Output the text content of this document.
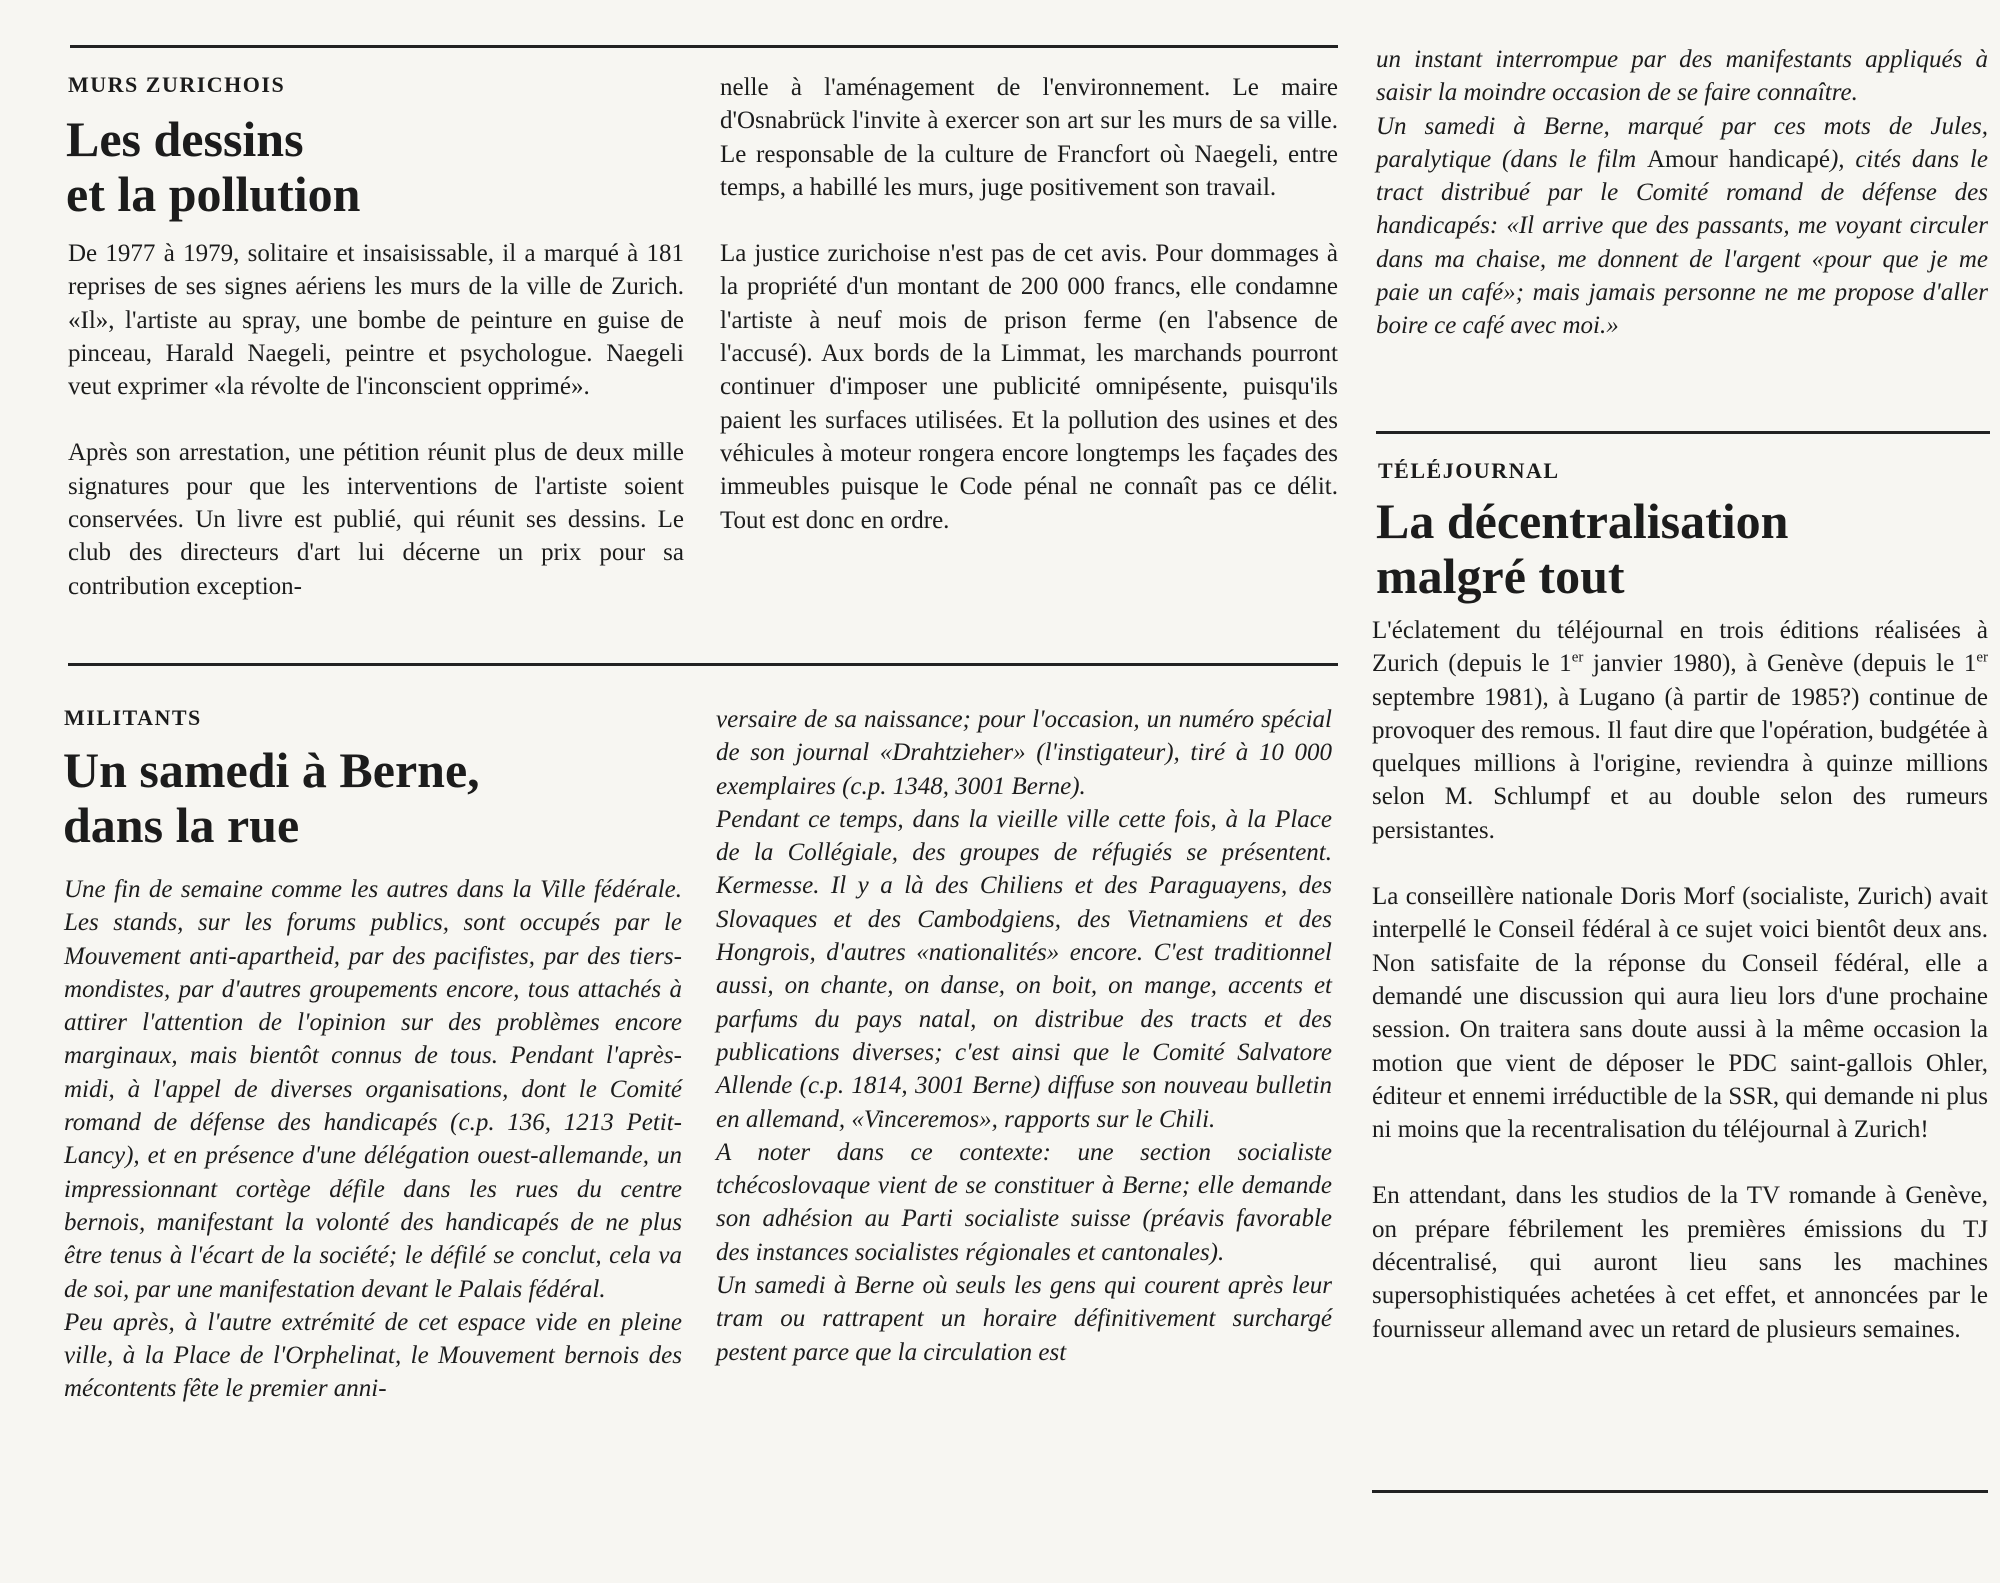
MURS ZURICHOIS

Les dessins
et la pollution

De 1977 à 1979, solitaire et insaisissable, il a marqué à 181 reprises de ses signes aériens les murs de la ville de Zurich. «Il», l'artiste au spray, une bombe de peinture en guise de pinceau, Harald Naegeli, peintre et psychologue. Naegeli veut exprimer «la révolte de l'inconscient opprimé».

Après son arrestation, une pétition réunit plus de deux mille signatures pour que les interventions de l'artiste soient conservées. Un livre est publié, qui réunit ses dessins. Le club des directeurs d'art lui décerne un prix pour sa contribution exception-

nelle à l'aménagement de l'environnement. Le maire d'Osnabrück l'invite à exercer son art sur les murs de sa ville. Le responsable de la culture de Francfort où Naegeli, entre temps, a habillé les murs, juge positivement son travail.

La justice zurichoise n'est pas de cet avis. Pour dommages à la propriété d'un montant de 200 000 francs, elle condamne l'artiste à neuf mois de prison ferme (en l'absence de l'accusé). Aux bords de la Limmat, les marchands pourront continuer d'imposer une publicité omnipésente, puisqu'ils paient les surfaces utilisées. Et la pollution des usines et des véhicules à moteur rongera encore longtemps les façades des immeubles puisque le Code pénal ne connaît pas ce délit. Tout est donc en ordre.

MILITANTS

Un samedi à Berne,
dans la rue

Une fin de semaine comme les autres dans la Ville fédérale. Les stands, sur les forums publics, sont occupés par le Mouvement anti-apartheid, par des pacifistes, par des tiers-mondistes, par d'autres groupements encore, tous attachés à attirer l'attention de l'opinion sur des problèmes encore marginaux, mais bientôt connus de tous. Pendant l'après-midi, à l'appel de diverses organisations, dont le Comité romand de défense des handicapés (c.p. 136, 1213 Petit-Lancy), et en présence d'une délégation ouest-allemande, un impressionnant cortège défile dans les rues du centre bernois, manifestant la volonté des handicapés de ne plus être tenus à l'écart de la société; le défilé se conclut, cela va de soi, par une manifestation devant le Palais fédéral.

Peu après, à l'autre extrémité de cet espace vide en pleine ville, à la Place de l'Orphelinat, le Mouvement bernois des mécontents fête le premier anni-

versaire de sa naissance; pour l'occasion, un numéro spécial de son journal «Drahtzieher» (l'instigateur), tiré à 10 000 exemplaires (c.p. 1348, 3001 Berne).

Pendant ce temps, dans la vieille ville cette fois, à la Place de la Collégiale, des groupes de réfugiés se présentent. Kermesse. Il y a là des Chiliens et des Paraguayens, des Slovaques et des Cambodgiens, des Vietnamiens et des Hongrois, d'autres «nationalités» encore. C'est traditionnel aussi, on chante, on danse, on boit, on mange, accents et parfums du pays natal, on distribue des tracts et des publications diverses; c'est ainsi que le Comité Salvatore Allende (c.p. 1814, 3001 Berne) diffuse son nouveau bulletin en allemand, «Vinceremos», rapports sur le Chili.

A noter dans ce contexte: une section socialiste tchécoslovaque vient de se constituer à Berne; elle demande son adhésion au Parti socialiste suisse (préavis favorable des instances socialistes régionales et cantonales).

Un samedi à Berne où seuls les gens qui courent après leur tram ou rattrapent un horaire définitivement surchargé pestent parce que la circulation est

un instant interrompue par des manifestants appliqués à saisir la moindre occasion de se faire connaître.

Un samedi à Berne, marqué par ces mots de Jules, paralytique (dans le film Amour handicapé), cités dans le tract distribué par le Comité romand de défense des handicapés: «Il arrive que des passants, me voyant circuler dans ma chaise, me donnent de l'argent «pour que je me paie un café»; mais jamais personne ne me propose d'aller boire ce café avec moi.»

TÉLÉJOURNAL

La décentralisation
malgré tout

L'éclatement du téléjournal en trois éditions réalisées à Zurich (depuis le 1er janvier 1980), à Genève (depuis le 1er septembre 1981), à Lugano (à partir de 1985?) continue de provoquer des remous. Il faut dire que l'opération, budgétée à quelques millions à l'origine, reviendra à quinze millions selon M. Schlumpf et au double selon des rumeurs persistantes.

La conseillère nationale Doris Morf (socialiste, Zurich) avait interpellé le Conseil fédéral à ce sujet voici bientôt deux ans. Non satisfaite de la réponse du Conseil fédéral, elle a demandé une discussion qui aura lieu lors d'une prochaine session. On traitera sans doute aussi à la même occasion la motion que vient de déposer le PDC saint-gallois Ohler, éditeur et ennemi irréductible de la SSR, qui demande ni plus ni moins que la recentralisation du téléjournal à Zurich!

En attendant, dans les studios de la TV romande à Genève, on prépare fébrilement les premières émissions du TJ décentralisé, qui auront lieu sans les machines supersophistiquées achetées à cet effet, et annoncées par le fournisseur allemand avec un retard de plusieurs semaines.
